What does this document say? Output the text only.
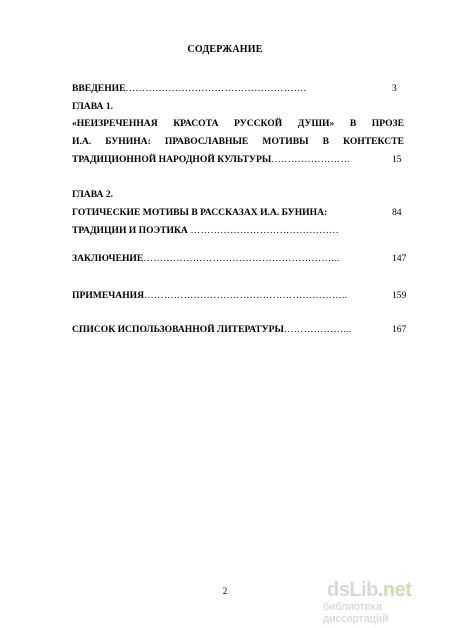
СОДЕРЖАНИЕ
ВВЕДЕНИЕ……………………………………………….	3
ГЛАВА 1.
«НЕИЗРЕЧЕННАЯ КРАСОТА РУССКОЙ ДУШИ» В ПРОЗЕ
И.А. БУНИНА: ПРАВОСЛАВНЫЕ МОТИВЫ В КОНТЕКСТЕ
ТРАДИЦИОННОЙ НАРОДНОЙ КУЛЬТУРЫ……………………	15
ГЛАВА 2.
ГОТИЧЕСКИЕ МОТИВЫ В РАССКАЗАХ И.А. БУНИНА:	84
ТРАДИЦИИ И ПОЭТИКА ………………………………………
ЗАКЛЮЧЕНИЕ…………………………………………………...	147
ПРИМЕЧАНИЯ……………………………………………………..	159
СПИСОК ИСПОЛЬЗОВАННОЙ ЛИТЕРАТУРЫ………………...	167
2	dsLib.net
библиотека диссертаций
